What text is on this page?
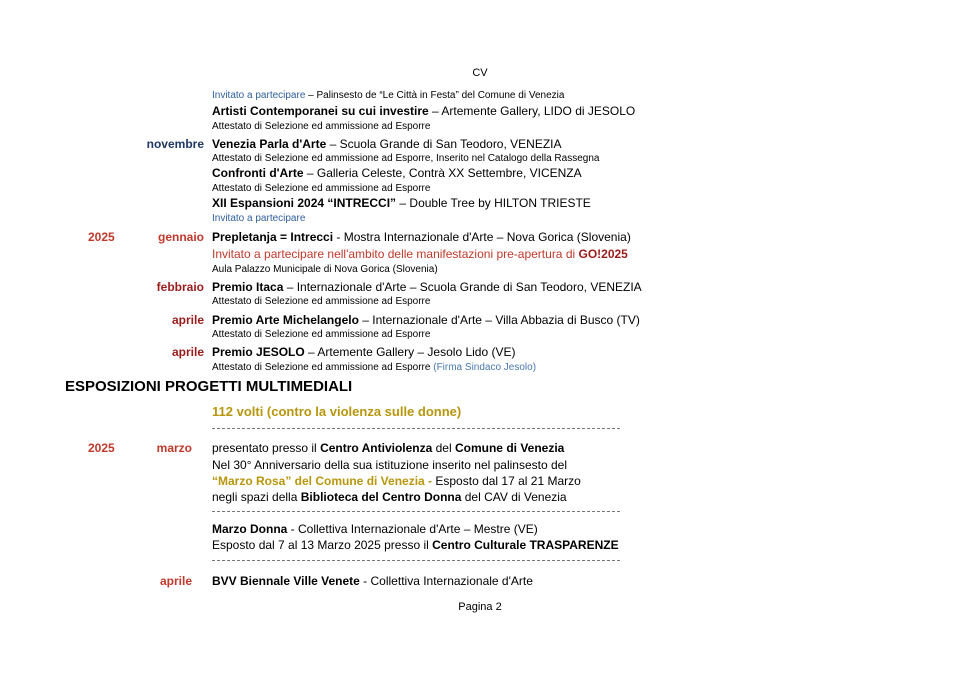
CV
Invitato a partecipare – Palinsesto de “Le Città in Festa” del Comune di Venezia
Artisti Contemporanei su cui investire – Artemente Gallery, LIDO di JESOLO
Attestato di Selezione ed ammissione ad Esporre
novembre Venezia Parla d'Arte – Scuola Grande di San Teodoro, VENEZIA
Attestato di Selezione ed ammissione ad Esporre, Inserito nel Catalogo della Rassegna
Confronti d'Arte – Galleria Celeste, Contrà XX Settembre, VICENZA
Attestato di Selezione ed ammissione ad Esporre
XII Espansioni 2024 “INTRECCI” – Double Tree by HILTON TRIESTE
Invitato a partecipare
2025	gennaio Prepletanja = Intrecci - Mostra Internazionale d'Arte – Nova Gorica (Slovenia)
Invitato a partecipare nell'ambito delle manifestazioni pre-apertura di GO!2025
Aula Palazzo Municipale di Nova Gorica (Slovenia)
febbraio Premio Itaca – Internazionale d'Arte – Scuola Grande di San Teodoro, VENEZIA
Attestato di Selezione ed ammissione ad Esporre
aprile Premio Arte Michelangelo – Internazionale d'Arte – Villa Abbazia di Busco (TV)
Attestato di Selezione ed ammissione ad Esporre
aprile Premio JESOLO – Artemente Gallery – Jesolo Lido (VE)
Attestato di Selezione ed ammissione ad Esporre (Firma Sindaco Jesolo)
ESPOSIZIONI PROGETTI MULTIMEDIALI
112 volti (contro la violenza sulle donne)
2025	marzo presentato presso il Centro Antiviolenza del Comune di Venezia
Nel 30° Anniversario della sua istituzione inserito nel palinsesto del
“Marzo Rosa” del Comune di Venezia - Esposto dal 17 al 21 Marzo
negli spazi della Biblioteca del Centro Donna del CAV di Venezia
Marzo Donna - Collettiva Internazionale d'Arte – Mestre (VE)
Esposto dal 7 al 13 Marzo 2025 presso il Centro Culturale TRASPARENZE
aprile BVV Biennale Ville Venete - Collettiva Internazionale d'Arte
Pagina 2
